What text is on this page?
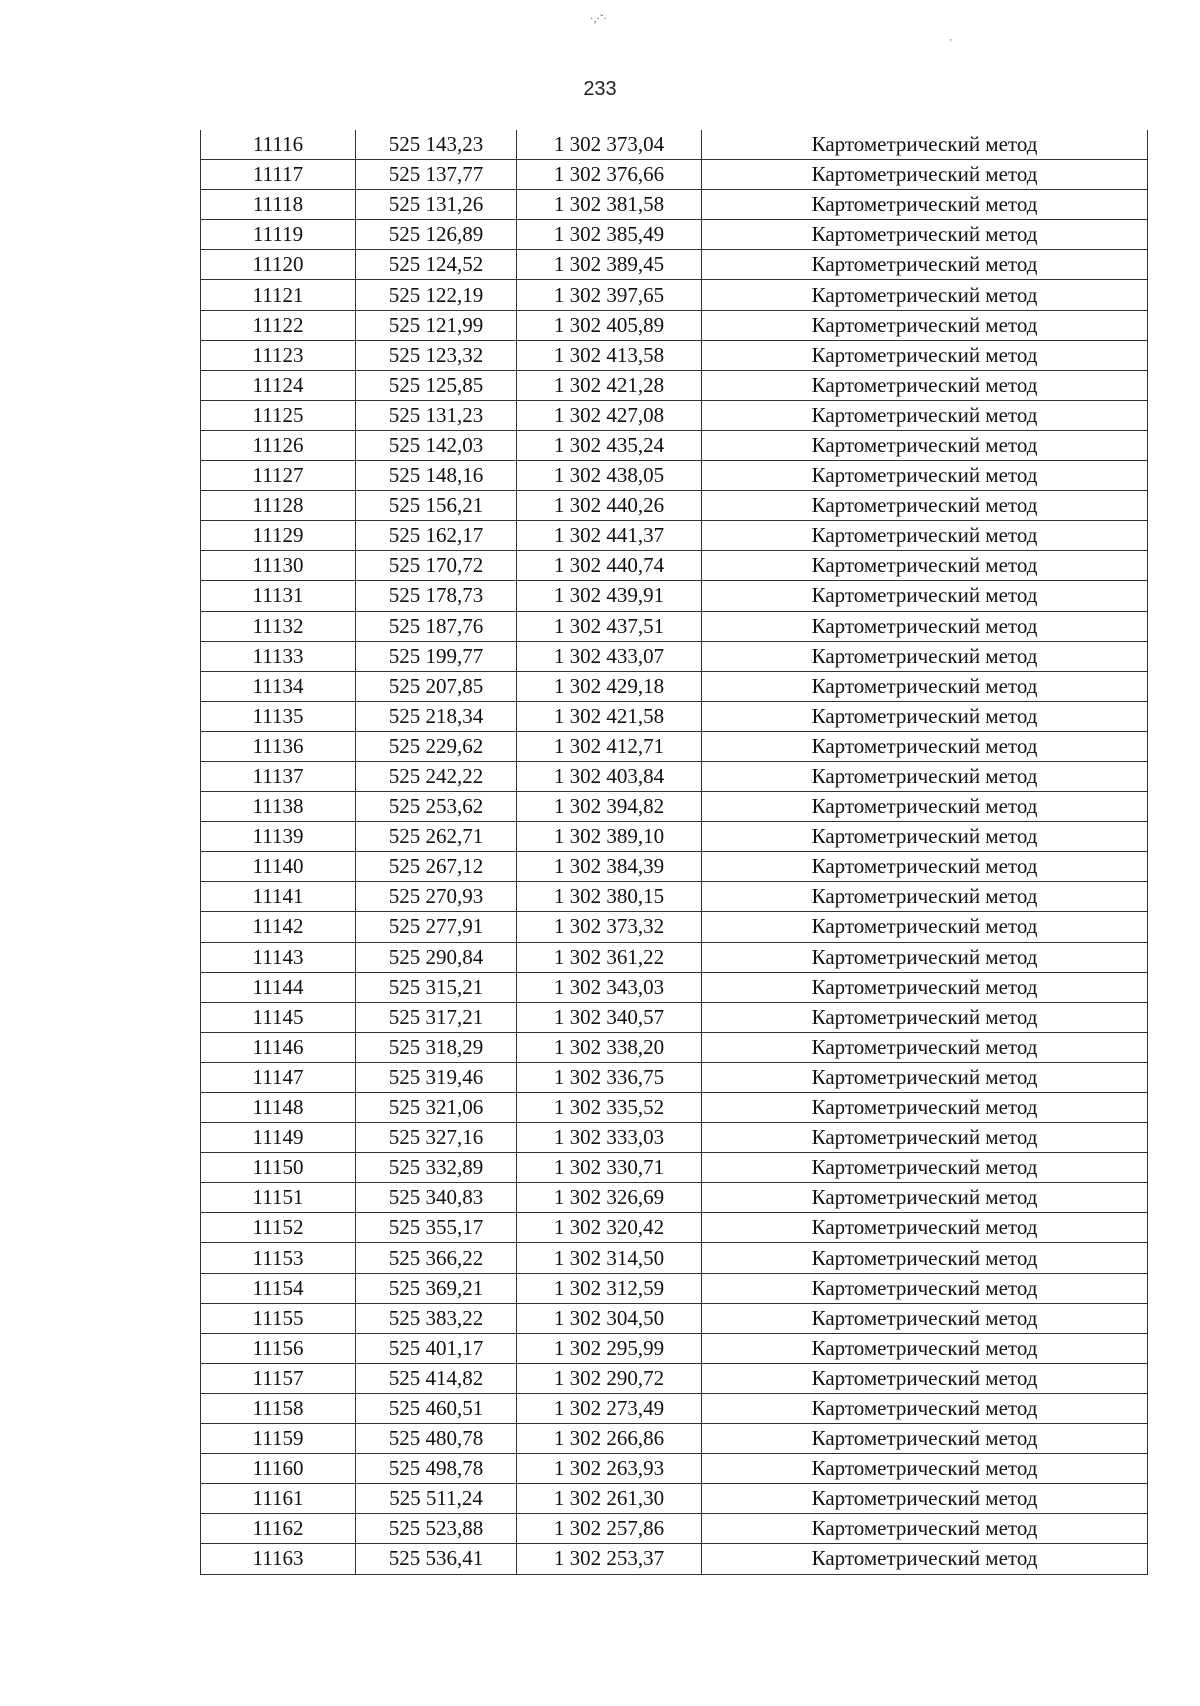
·‚·ˇ·
'
233
11116	525 143,23	1 302 373,04	Картометрический метод
11117	525 137,77	1 302 376,66	Картометрический метод
11118	525 131,26	1 302 381,58	Картометрический метод
11119	525 126,89	1 302 385,49	Картометрический метод
11120	525 124,52	1 302 389,45	Картометрический метод
11121	525 122,19	1 302 397,65	Картометрический метод
11122	525 121,99	1 302 405,89	Картометрический метод
11123	525 123,32	1 302 413,58	Картометрический метод
11124	525 125,85	1 302 421,28	Картометрический метод
11125	525 131,23	1 302 427,08	Картометрический метод
11126	525 142,03	1 302 435,24	Картометрический метод
11127	525 148,16	1 302 438,05	Картометрический метод
11128	525 156,21	1 302 440,26	Картометрический метод
11129	525 162,17	1 302 441,37	Картометрический метод
11130	525 170,72	1 302 440,74	Картометрический метод
11131	525 178,73	1 302 439,91	Картометрический метод
11132	525 187,76	1 302 437,51	Картометрический метод
11133	525 199,77	1 302 433,07	Картометрический метод
11134	525 207,85	1 302 429,18	Картометрический метод
11135	525 218,34	1 302 421,58	Картометрический метод
11136	525 229,62	1 302 412,71	Картометрический метод
11137	525 242,22	1 302 403,84	Картометрический метод
11138	525 253,62	1 302 394,82	Картометрический метод
11139	525 262,71	1 302 389,10	Картометрический метод
11140	525 267,12	1 302 384,39	Картометрический метод
11141	525 270,93	1 302 380,15	Картометрический метод
11142	525 277,91	1 302 373,32	Картометрический метод
11143	525 290,84	1 302 361,22	Картометрический метод
11144	525 315,21	1 302 343,03	Картометрический метод
11145	525 317,21	1 302 340,57	Картометрический метод
11146	525 318,29	1 302 338,20	Картометрический метод
11147	525 319,46	1 302 336,75	Картометрический метод
11148	525 321,06	1 302 335,52	Картометрический метод
11149	525 327,16	1 302 333,03	Картометрический метод
11150	525 332,89	1 302 330,71	Картометрический метод
11151	525 340,83	1 302 326,69	Картометрический метод
11152	525 355,17	1 302 320,42	Картометрический метод
11153	525 366,22	1 302 314,50	Картометрический метод
11154	525 369,21	1 302 312,59	Картометрический метод
11155	525 383,22	1 302 304,50	Картометрический метод
11156	525 401,17	1 302 295,99	Картометрический метод
11157	525 414,82	1 302 290,72	Картометрический метод
11158	525 460,51	1 302 273,49	Картометрический метод
11159	525 480,78	1 302 266,86	Картометрический метод
11160	525 498,78	1 302 263,93	Картометрический метод
11161	525 511,24	1 302 261,30	Картометрический метод
11162	525 523,88	1 302 257,86	Картометрический метод
11163	525 536,41	1 302 253,37	Картометрический метод
